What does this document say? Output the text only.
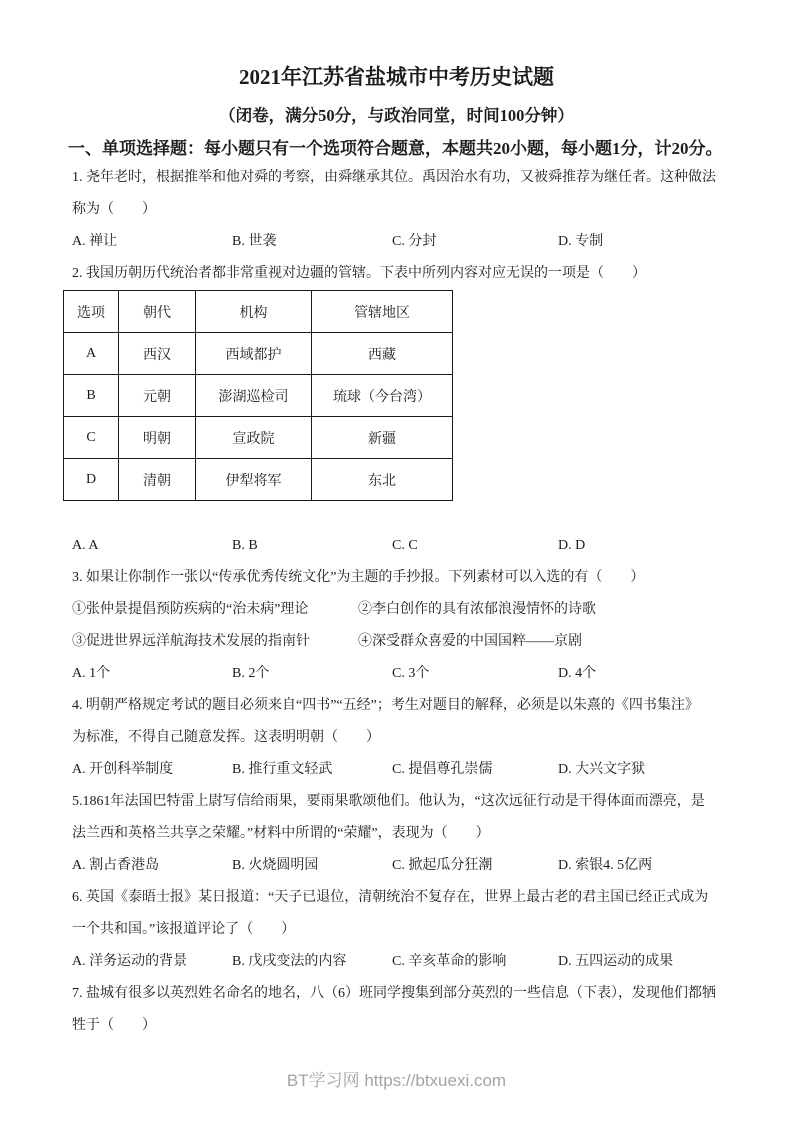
2021年江苏省盐城市中考历史试题
（闭卷，满分50分，与政治同堂，时间100分钟）
一、单项选择题：每小题只有一个选项符合题意，本题共20小题，每小题1分，计20分。
1. 尧年老时，根据推举和他对舜的考察，由舜继承其位。禹因治水有功，又被舜推荐为继任者。这种做法
称为（　　）
A. 禅让	B. 世袭	C. 分封	D. 专制
2. 我国历朝历代统治者都非常重视对边疆的管辖。下表中所列内容对应无误的一项是（　　）
选项	朝代	机构	管辖地区
A	西汉	西域都护	西藏
B	元朝	澎湖巡检司	琉球（今台湾）
C	明朝	宣政院	新疆
D	清朝	伊犁将军	东北
A. A	B. B	C. C	D. D
3. 如果让你制作一张以“传承优秀传统文化”为主题的手抄报。下列素材可以入选的有（　　）
①张仲景提倡预防疾病的“治未病”理论	②李白创作的具有浓郁浪漫情怀的诗歌
③促进世界远洋航海技术发展的指南针	④深受群众喜爱的中国国粹——京剧
A. 1个	B. 2个	C. 3个	D. 4个
4. 明朝严格规定考试的题目必须来自“四书”“五经”；考生对题目的解释，必须是以朱熹的《四书集注》
为标准，不得自己随意发挥。这表明明朝（　　）
A. 开创科举制度	B. 推行重文轻武	C. 提倡尊孔崇儒	D. 大兴文字狱
5.1861年法国巴特雷上尉写信给雨果，要雨果歌颂他们。他认为，“这次远征行动是干得体面而漂亮，是
法兰西和英格兰共享之荣耀。”材料中所谓的“荣耀”，表现为（　　）
A. 割占香港岛	B. 火烧圆明园	C. 掀起瓜分狂潮	D. 索银4. 5亿两
6. 英国《泰晤士报》某日报道：“天子已退位，清朝统治不复存在，世界上最古老的君主国已经正式成为
一个共和国。”该报道评论了（　　）
A. 洋务运动的背景	B. 戊戌变法的内容	C. 辛亥革命的影响	D. 五四运动的成果
7. 盐城有很多以英烈姓名命名的地名，八（6）班同学搜集到部分英烈的一些信息（下表），发现他们都牺
牲于（　　）
BT学习网 https://btxuexi.com
